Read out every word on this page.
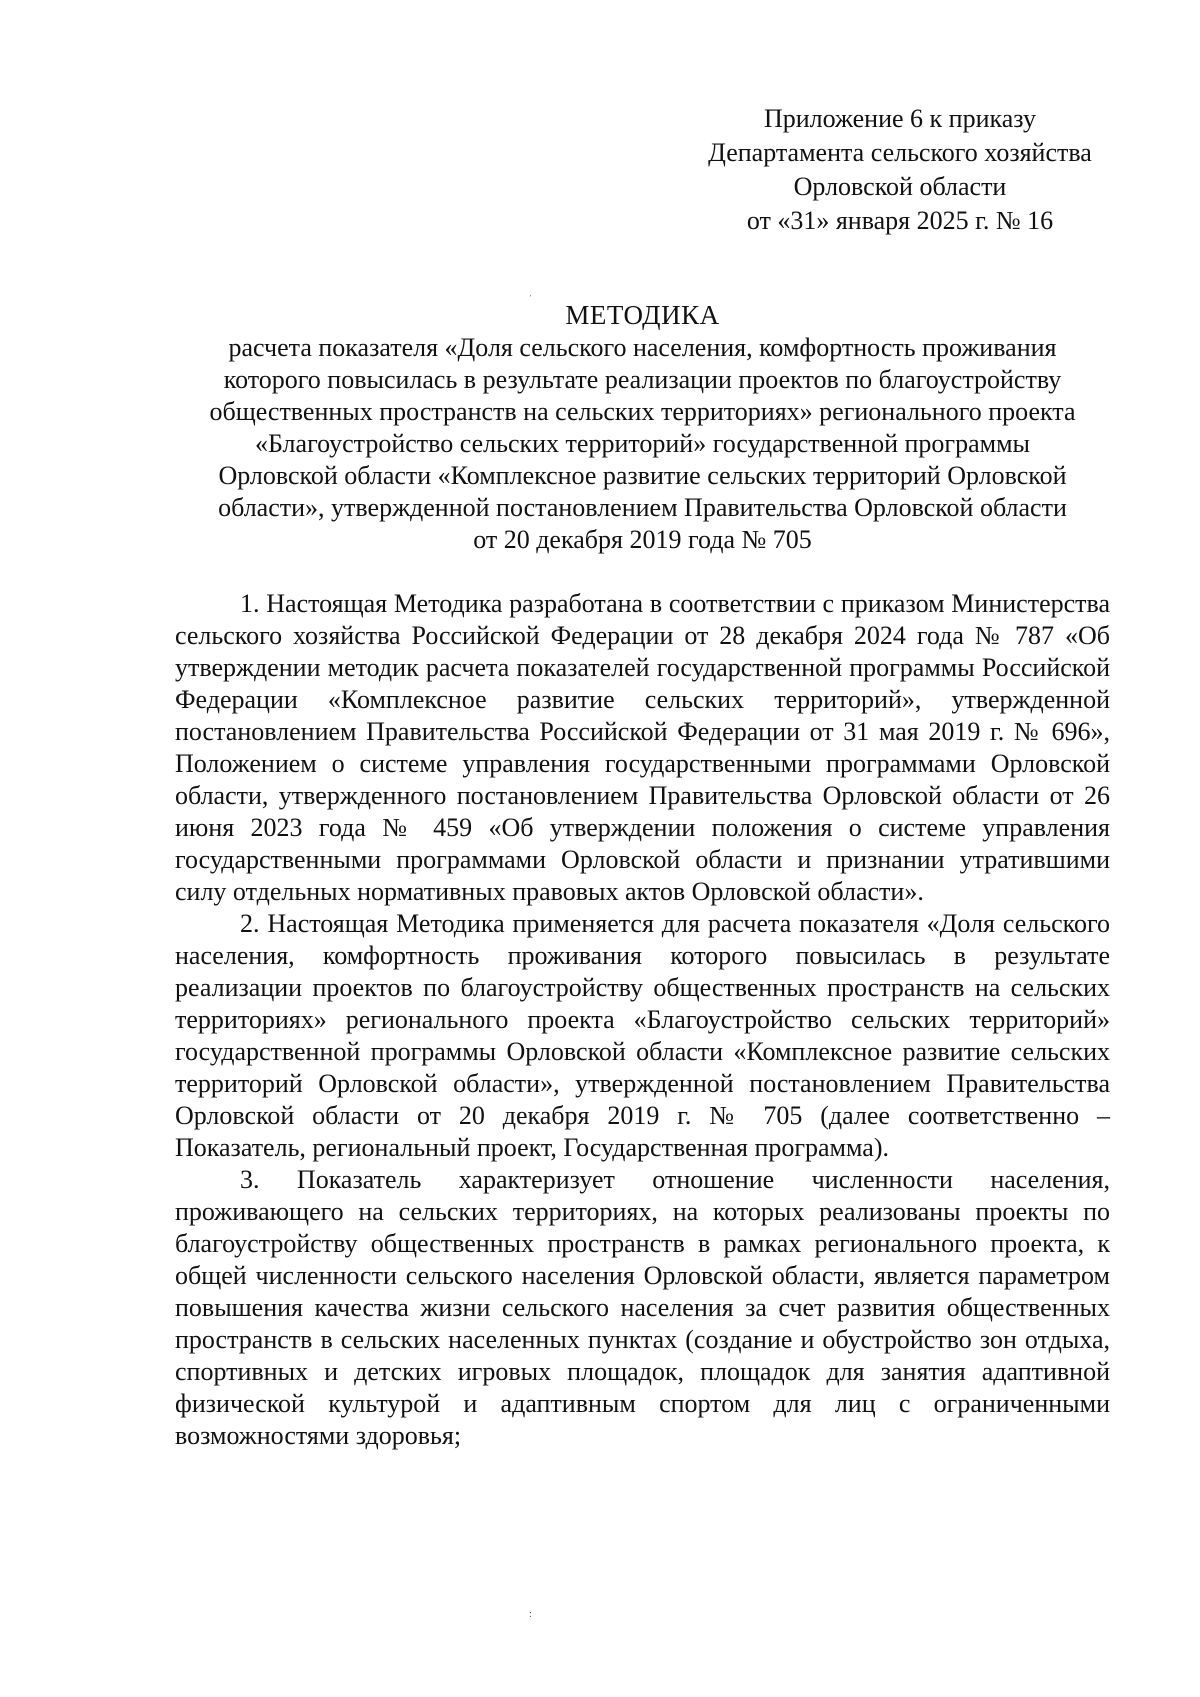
Приложение 6 к приказу
Департамента сельского хозяйства
Орловской области
от «31» января 2025 г. № 16
ˌ
МЕТОДИКА
расчета показателя «Доля сельского населения, комфортность проживания
которого повысилась в результате реализации проектов по благоустройству
общественных пространств на сельских территориях» регионального проекта
«Благоустройство сельских территорий» государственной программы
Орловской области «Комплексное развитие сельских территорий Орловской
области», утвержденной постановлением Правительства Орловской области
от 20 декабря 2019 года № 705

1. Настоящая Методика разработана в соответствии с приказом Министерства сельского хозяйства Российской Федерации от 28 декабря 2024 года № 787 «Об утверждении методик расчета показателей государственной программы Российской Федерации «Комплексное развитие сельских территорий», утвержденной постановлением Правительства Российской Федерации от 31 мая 2019 г. № 696», Положением о системе управления государственными программами Орловской области, утвержденного постановлением Правительства Орловской области от 26 июня 2023 года № 459 «Об утверждении положения о системе управления государственными программами Орловской области и признании утратившими силу отдельных нормативных правовых актов Орловской области».

2. Настоящая Методика применяется для расчета показателя «Доля сельского населения, комфортность проживания которого повысилась в результате реализации проектов по благоустройству общественных пространств на сельских территориях» регионального проекта «Благоустройство сельских территорий» государственной программы Орловской области «Комплексное развитие сельских территорий Орловской области», утвержденной постановлением Правительства Орловской области от 20 декабря 2019 г. № 705 (далее соответственно – Показатель, региональный проект, Государственная программа).

3. Показатель характеризует отношение численности населения, проживающего на сельских территориях, на которых реализованы проекты по благоустройству общественных пространств в рамках регионального проекта, к общей численности сельского населения Орловской области, является параметром повышения качества жизни сельского населения за счет развития общественных пространств в сельских населенных пунктах (создание и обустройство зон отдыха, спортивных и детских игровых площадок, площадок для занятия адаптивной физической культурой и адаптивным спортом для лиц с ограниченными возможностями здоровья;

:
